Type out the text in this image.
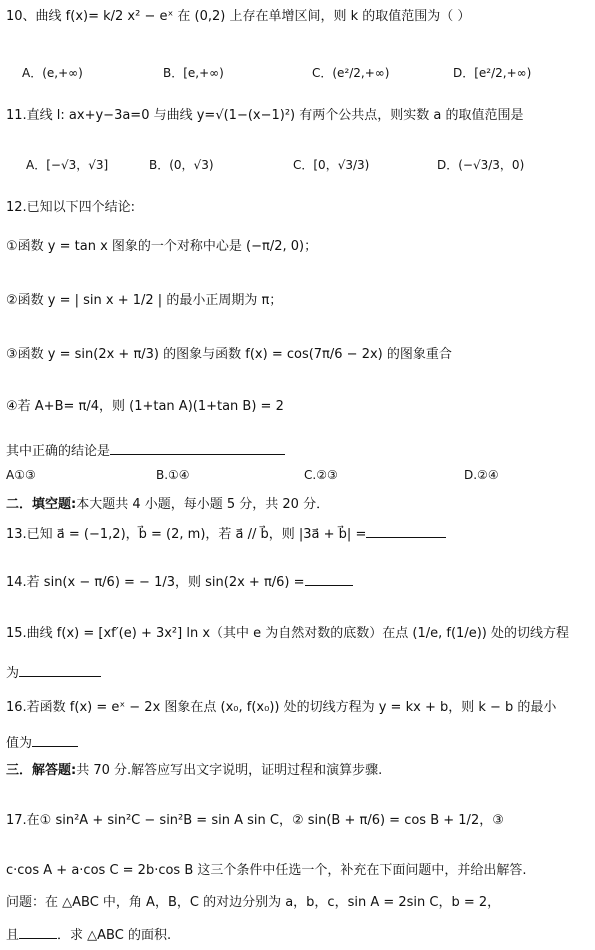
10、曲线 f(x)= k/2 x² − eˣ 在 (0,2) 上存在单增区间，则 k 的取值范围为（ ）
A．(e,+∞)	B．[e,+∞)	C．(e²/2,+∞)	D．[e²/2,+∞)
11.直线 l: ax+y−3a=0 与曲线 y=√(1−(x−1)²) 有两个公共点，则实数 a 的取值范围是
A．[−√3，√3]	B．(0，√3)	C．[0，√3/3)	D．(−√3/3，0)
12.已知以下四个结论:
①函数 y = tan x 图象的一个对称中心是 (−π/2, 0)；
②函数 y = | sin x + 1/2 | 的最小正周期为 π；
③函数 y = sin(2x + π/3) 的图象与函数 f(x) = cos(7π/6 − 2x) 的图象重合
④若 A+B= π/4，则 (1+tan A)(1+tan B) = 2
其中正确的结论是
A①③	B.①④	C.②③	D.②④
二．填空题:本大题共 4 小题，每小题 5 分，共 20 分．
13.已知 a⃗ = (−1,2)，b⃗ = (2, m)，若 a⃗ // b⃗，则 |3a⃗ + b⃗| =
14.若 sin(x − π/6) = − 1/3，则 sin(2x + π/6) =
15.曲线 f(x) = [xf′(e) + 3x²] ln x（其中 e 为自然对数的底数）在点 (1/e, f(1/e)) 处的切线方程
为
16.若函数 f(x) = eˣ − 2x 图象在点 (x₀, f(x₀)) 处的切线方程为 y = kx + b，则 k − b 的最小
值为
三．解答题:共 70 分.解答应写出文字说明，证明过程和演算步骤.
17.在① sin²A + sin²C − sin²B = sin A sin C，② sin(B + π/6) = cos B + 1/2，③
c·cos A + a·cos C = 2b·cos B 这三个条件中任选一个，补充在下面问题中，并给出解答.
问题：在 △ABC 中，角 A，B，C 的对边分别为 a，b，c，sin A = 2sin C，b = 2，
且	．求 △ABC 的面积.
